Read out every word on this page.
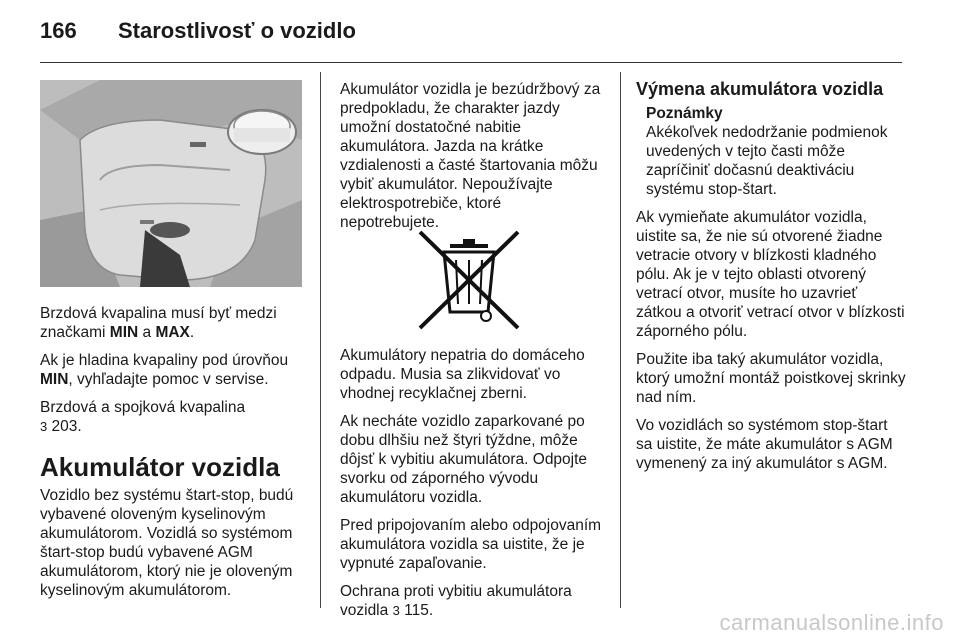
166 Starostlivosť o vozidlo

Brzdová kvapalina musí byť medzi značkami MIN a MAX.

Ak je hladina kvapaliny pod úrovňou MIN, vyhľadajte pomoc v servise.

Brzdová a spojková kvapalina
3 203.

Akumulátor vozidla

Vozidlo bez systému štart-stop, budú vybavené oloveným kyselinovým akumulátorom. Vozidlá so systémom štart-stop budú vybavené AGM akumulátorom, ktorý nie je oloveným kyselinovým akumulátorom.

Akumulátor vozidla je bezúdržbový za predpokladu, že charakter jazdy umožní dostatočné nabitie akumulátora. Jazda na krátke vzdialenosti a časté štartovania môžu vybiť akumulátor. Nepoužívajte elektrospotrebiče, ktoré nepotrebujete.

Akumulátory nepatria do domáceho odpadu. Musia sa zlikvidovať vo vhodnej recyklačnej zberni.

Ak necháte vozidlo zaparkované po dobu dlhšiu než štyri týždne, môže dôjsť k vybitiu akumulátora. Odpojte svorku od záporného vývodu akumulátoru vozidla.

Pred pripojovaním alebo odpojovaním akumulátora vozidla sa uistite, že je vypnuté zapaľovanie.

Ochrana proti vybitiu akumulátora vozidla 3 115.

Výmena akumulátora vozidla
Poznámky
Akékoľvek nedodržanie podmienok uvedených v tejto časti môže zapríčiniť dočasnú deaktiváciu systému stop-štart.

Ak vymieňate akumulátor vozidla, uistite sa, že nie sú otvorené žiadne vetracie otvory v blízkosti kladného pólu. Ak je v tejto oblasti otvorený vetrací otvor, musíte ho uzavrieť zátkou a otvoriť vetrací otvor v blízkosti záporného pólu.

Použite iba taký akumulátor vozidla, ktorý umožní montáž poistkovej skrinky nad ním.

Vo vozidlách so systémom stop-štart sa uistite, že máte akumulátor s AGM vymenený za iný akumulátor s AGM.

carmanualsonline.info
